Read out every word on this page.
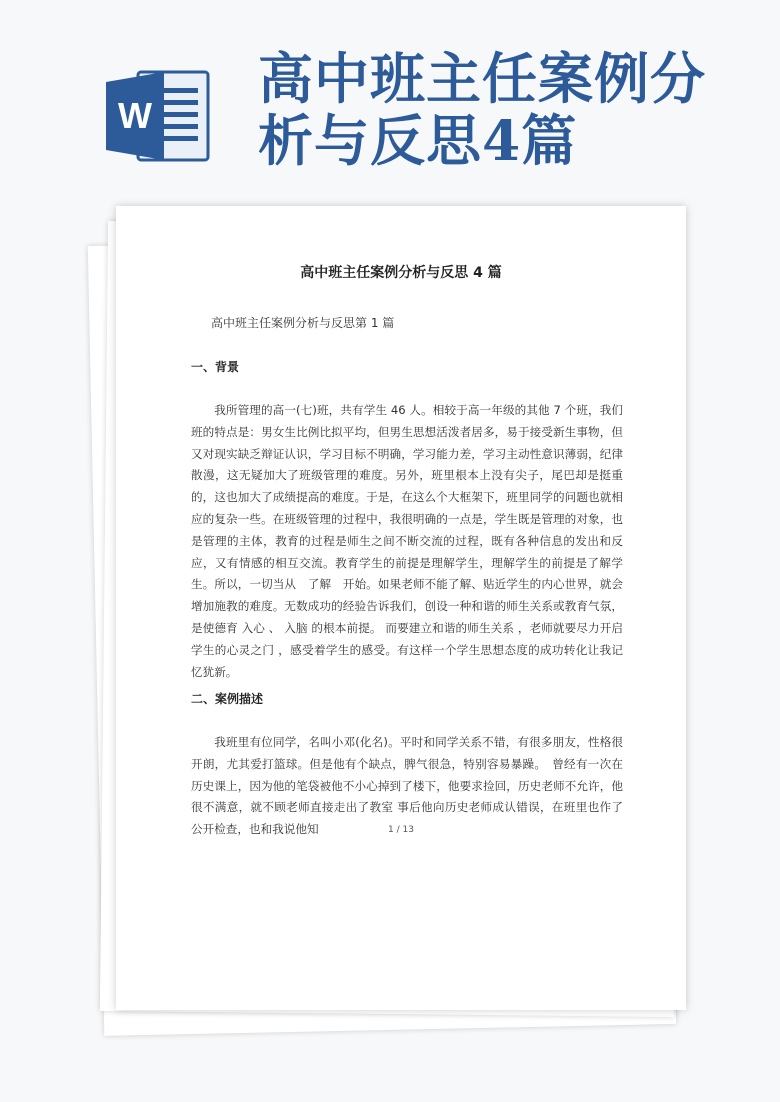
W
高中班主任案例分析与反思4篇
高中班主任案例分析与反思 4 篇
高中班主任案例分析与反思第 1 篇
一、背景
我所管理的高一(七)班，共有学生 46 人。相较于高一年级的其他 7 个班，我们班的特点是：男女生比例比拟平均，但男生思想活泼者居多，易于接受新生事物，但又对现实缺乏辩证认识，学习目标不明确，学习能力差，学习主动性意识薄弱，纪律散漫，这无疑加大了班级管理的难度。另外，班里根本上没有尖子，尾巴却是挺重的，这也加大了成绩提高的难度。于是，在这么个大框架下，班里同学的问题也就相应的复杂一些。在班级管理的过程中，我很明确的一点是，学生既是管理的对象，也是管理的主体，教育的过程是师生之间不断交流的过程，既有各种信息的发出和反应，又有情感的相互交流。教育学生的前提是理解学生，理解学生的前提是了解学生。所以，一切当从　了解　开始。如果老师不能了解、贴近学生的内心世界，就会增加施教的难度。无数成功的经验告诉我们，创设一种和谐的师生关系或教育气氛，是使德育 入心 、 入脑 的根本前提。 而要建立和谐的师生关系 ，老师就要尽力开启学生的心灵之门 ，感受着学生的感受。有这样一个学生思想态度的成功转化让我记忆犹新。
二、案例描述
我班里有位同学，名叫小邓(化名)。平时和同学关系不错，有很多朋友，性格很开朗，尤其爱打篮球。但是他有个缺点，脾气很急，特别容易暴躁。　曾经有一次在历史课上，因为他的笔袋被他不小心掉到了楼下，他要求捡回，历史老师不允许，他很不满意，就不顾老师直接走出了教室 事后他向历史老师成认错误，在班里也作了公开检查，也和我说他知	1 / 13
